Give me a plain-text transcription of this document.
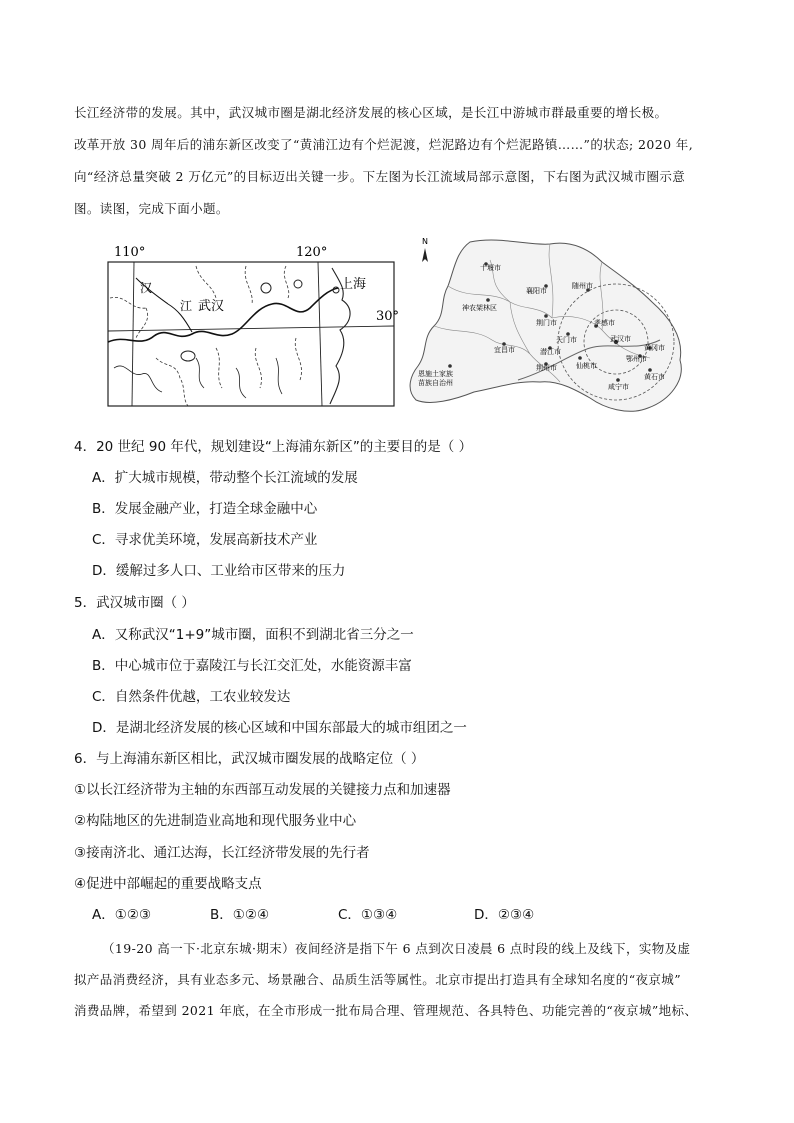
长江经济带的发展。其中，武汉城市圈是湖北经济发展的核心区域，是长江中游城市群最重要的增长极。

改革开放 30 周年后的浦东新区改变了“黄浦江边有个烂泥渡，烂泥路边有个烂泥路镇……”的状态; 2020 年,

向“经济总量突破 2 万亿元”的目标迈出关键一步。下左图为长江流域局部示意图，下右图为武汉城市圈示意

图。读图，完成下面小题。

110°	120°
30°
汉
江 武汉
上海
N
十堰市
襄阳市
随州市
神农架林区
荆门市	孝感市
宜昌市
天门市	武汉市
黄冈市
潜江市
仙桃市
鄂州市
荆州市
黄石市
恩施土家族
苗族自治州	咸宁市
4．20 世纪 90 年代，规划建设“上海浦东新区”的主要目的是（ ）
A．扩大城市规模，带动整个长江流域的发展
B．发展金融产业，打造全球金融中心
C．寻求优美环境，发展高新技术产业
D．缓解过多人口、工业给市区带来的压力
5．武汉城市圈（ ）
A．又称武汉“1+9”城市圈，面积不到湖北省三分之一
B．中心城市位于嘉陵江与长江交汇处，水能资源丰富
C．自然条件优越，工农业较发达
D．是湖北经济发展的核心区域和中国东部最大的城市组团之一
6．与上海浦东新区相比，武汉城市圈发展的战略定位（ ）
①以长江经济带为主轴的东西部互动发展的关键接力点和加速器
②构陆地区的先进制造业高地和现代服务业中心
③接南济北、通江达海，长江经济带发展的先行者
④促进中部崛起的重要战略支点
A．①②③	B．①②④	C．①③④	D．②③④

（19-20 高一下·北京东城·期末）夜间经济是指下午 6 点到次日凌晨 6 点时段的线上及线下，实物及虚

拟产品消费经济，具有业态多元、场景融合、品质生活等属性。北京市提出打造具有全球知名度的“夜京城”

消费品牌，希望到 2021 年底，在全市形成一批布局合理、管理规范、各具特色、功能完善的“夜京城”地标、
